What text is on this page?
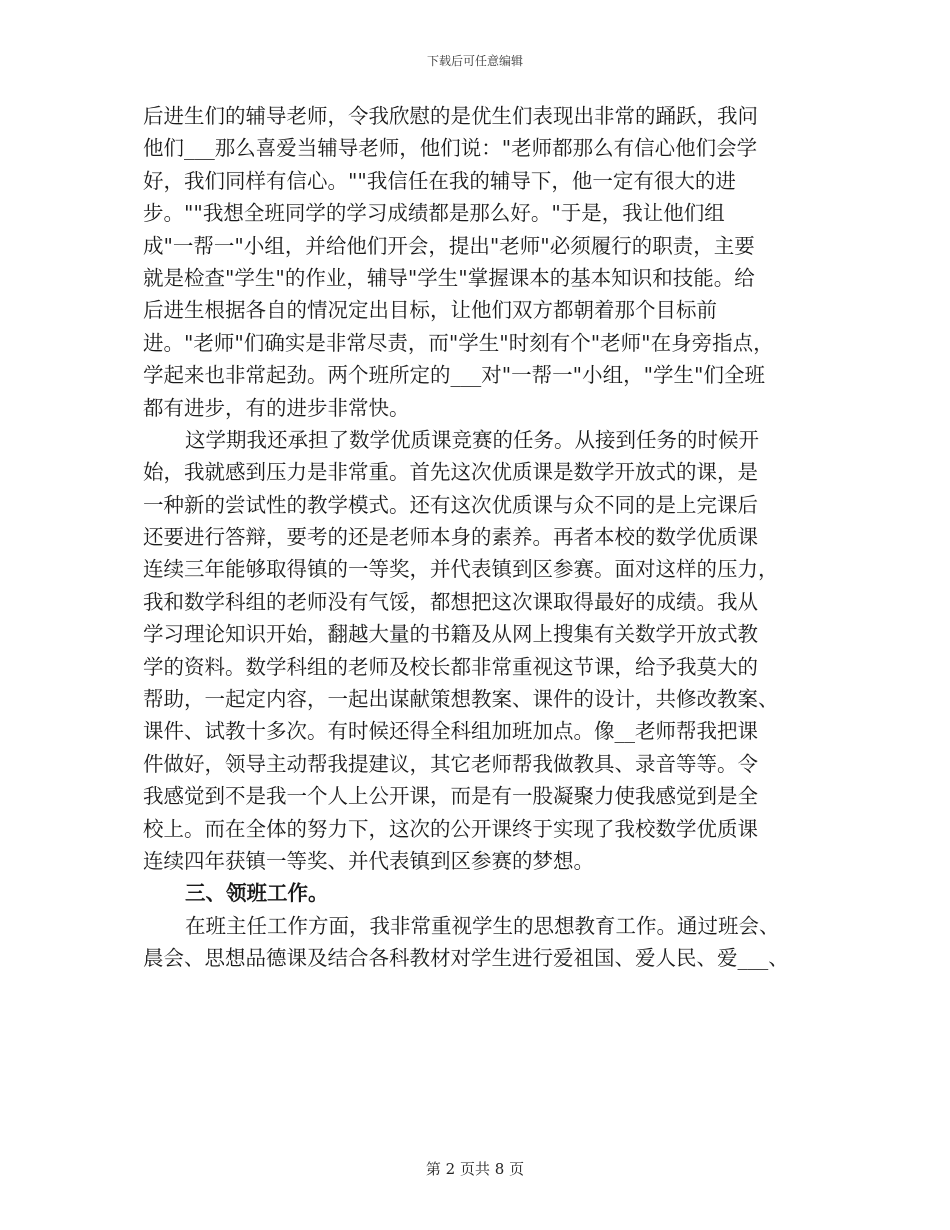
下载后可任意编辑
后进生们的辅导老师，令我欣慰的是优生们表现出非常的踊跃，我问
他们___那么喜爱当辅导老师，他们说："老师都那么有信心他们会学
好，我们同样有信心。""我信任在我的辅导下，他一定有很大的进
步。""我想全班同学的学习成绩都是那么好。"于是，我让他们组
成"一帮一"小组，并给他们开会，提出"老师"必须履行的职责，主要
就是检查"学生"的作业，辅导"学生"掌握课本的基本知识和技能。给
后进生根据各自的情况定出目标，让他们双方都朝着那个目标前
进。"老师"们确实是非常尽责，而"学生"时刻有个"老师"在身旁指点，
学起来也非常起劲。两个班所定的___对"一帮一"小组，"学生"们全班
都有进步，有的进步非常快。
这学期我还承担了数学优质课竞赛的任务。从接到任务的时候开
始，我就感到压力是非常重。首先这次优质课是数学开放式的课，是
一种新的尝试性的教学模式。还有这次优质课与众不同的是上完课后
还要进行答辩，要考的还是老师本身的素养。再者本校的数学优质课
连续三年能够取得镇的一等奖，并代表镇到区参赛。面对这样的压力，
我和数学科组的老师没有气馁，都想把这次课取得最好的成绩。我从
学习理论知识开始，翻越大量的书籍及从网上搜集有关数学开放式教
学的资料。数学科组的老师及校长都非常重视这节课，给予我莫大的
帮助，一起定内容，一起出谋献策想教案、课件的设计，共修改教案、
课件、试教十多次。有时候还得全科组加班加点。像__老师帮我把课
件做好，领导主动帮我提建议，其它老师帮我做教具、录音等等。令
我感觉到不是我一个人上公开课，而是有一股凝聚力使我感觉到是全
校上。而在全体的努力下，这次的公开课终于实现了我校数学优质课
连续四年获镇一等奖、并代表镇到区参赛的梦想。
三、领班工作。
在班主任工作方面，我非常重视学生的思想教育工作。通过班会、
晨会、思想品德课及结合各科教材对学生进行爱祖国、爱人民、爱___、
第 2 页共 8 页
